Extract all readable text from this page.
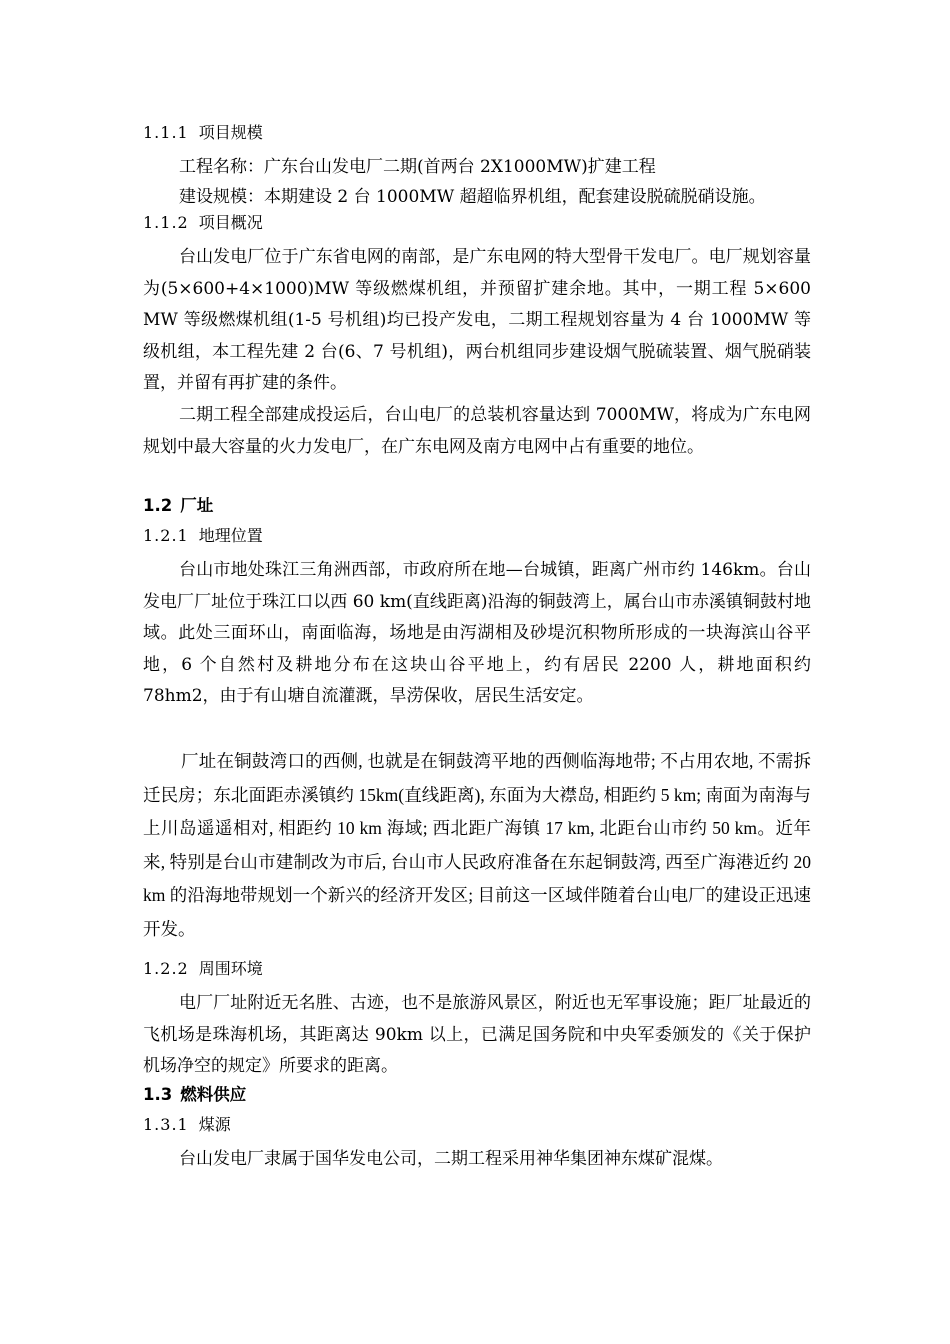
1.1.1 项目规模

工程名称：广东台山发电厂二期(首两台 2X1000MW)扩建工程

建设规模：本期建设 2 台 1000MW 超超临界机组，配套建设脱硫脱硝设施。

1.1.2 项目概况

台山发电厂位于广东省电网的南部，是广东电网的特大型骨干发电厂。电厂规划容量为(5×600+4×1000)MW 等级燃煤机组，并预留扩建余地。其中，一期工程 5×600 MW 等级燃煤机组(1-5 号机组)均已投产发电，二期工程规划容量为 4 台 1000MW 等级机组，本工程先建 2 台(6、7 号机组)，两台机组同步建设烟气脱硫装置、烟气脱硝装置，并留有再扩建的条件。

二期工程全部建成投运后，台山电厂的总装机容量达到 7000MW，将成为广东电网规划中最大容量的火力发电厂，在广东电网及南方电网中占有重要的地位。

1.2 厂址
1.2.1 地理位置

台山市地处珠江三角洲西部，市政府所在地—台城镇，距离广州市约 146km。台山发电厂厂址位于珠江口以西 60 km(直线距离)沿海的铜鼓湾上，属台山市赤溪镇铜鼓村地域。此处三面环山，南面临海，场地是由泻湖相及砂堤沉积物所形成的一块海滨山谷平地，6 个自然村及耕地分布在这块山谷平地上，约有居民 2200 人，耕地面积约 78hm2，由于有山塘自流灌溉，旱涝保收，居民生活安定。

厂址在铜鼓湾口的西侧, 也就是在铜鼓湾平地的西侧临海地带; 不占用农地, 不需拆迁民房；东北面距赤溪镇约 15km(直线距离), 东面为大襟岛, 相距约 5 km; 南面为南海与上川岛遥遥相对, 相距约 10 km 海域; 西北距广海镇 17 km, 北距台山市约 50 km。近年来, 特别是台山市建制改为市后, 台山市人民政府准备在东起铜鼓湾, 西至广海港近约 20 km 的沿海地带规划一个新兴的经济开发区; 目前这一区域伴随着台山电厂的建设正迅速开发。

1.2.2 周围环境

电厂厂址附近无名胜、古迹，也不是旅游风景区，附近也无军事设施；距厂址最近的飞机场是珠海机场，其距离达 90km 以上，已满足国务院和中央军委颁发的《关于保护机场净空的规定》所要求的距离。

1.3 燃料供应
1.3.1 煤源

台山发电厂隶属于国华发电公司，二期工程采用神华集团神东煤矿混煤。
